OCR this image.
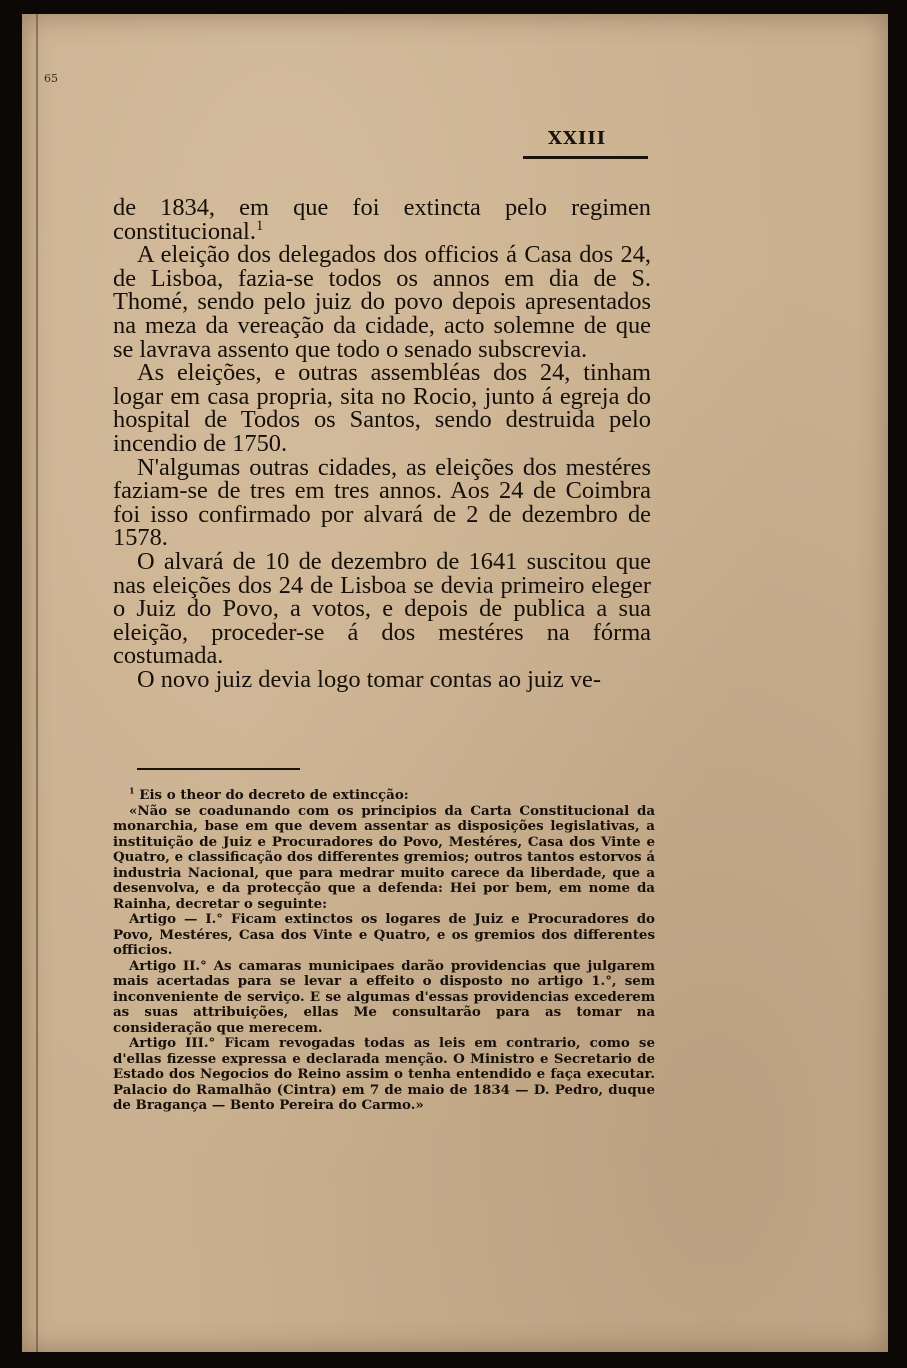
65
XXIII

de 1834, em que foi extincta pelo regimen constitucional.$^1$

A eleição dos delegados dos officios á Casa dos 24, de Lisboa, fazia-se todos os annos em dia de S. Thomé, sendo pelo juiz do povo depois apresentados na meza da vereação da cidade, acto solemne de que se lavrava assento que todo o senado subscrevia.

As eleições, e outras assembléas dos 24, tinham logar em casa propria, sita no Rocio, junto á egreja do hospital de Todos os Santos, sendo destruida pelo incendio de 1750.

N'algumas outras cidades, as eleições dos mestéres faziam-se de tres em tres annos. Aos 24 de Coimbra foi isso confirmado por alvará de 2 de dezembro de 1578.

O alvará de 10 de dezembro de 1641 suscitou que nas eleições dos 24 de Lisboa se devia primeiro eleger o Juiz do Povo, a votos, e depois de publica a sua eleição, proceder-se á dos mestéres na fórma costumada.

O novo juiz devia logo tomar contas ao juiz ve-

$^1$ Eis o theor do decreto de extincção:

«Não se coadunando com os principios da Carta Constitucional da monarchia, base em que devem assentar as disposições legislativas, a instituição de Juiz e Procuradores do Povo, Mestéres, Casa dos Vinte e Quatro, e classificação dos differentes gremios; outros tantos estorvos á industria Nacional, que para medrar muito carece da liberdade, que a desenvolva, e da protecção que a defenda: Hei por bem, em nome da Rainha, decretar o seguinte:

Artigo — I.° Ficam extinctos os logares de Juiz e Procuradores do Povo, Mestéres, Casa dos Vinte e Quatro, e os gremios dos differentes officios.

Artigo II.° As camaras municipaes darão providencias que julgarem mais acertadas para se levar a effeito o disposto no artigo 1.°, sem inconveniente de serviço. E se algumas d'essas providencias excederem as suas attribuições, ellas Me consultarão para as tomar na consideração que merecem.

Artigo III.° Ficam revogadas todas as leis em contrario, como se d'ellas fizesse expressa e declarada menção. O Ministro e Secretario de Estado dos Negocios do Reino assim o tenha entendido e faça executar. Palacio do Ramalhão (Cintra) em 7 de maio de 1834 — D. Pedro, duque de Bragança — Bento Pereira do Carmo.»
